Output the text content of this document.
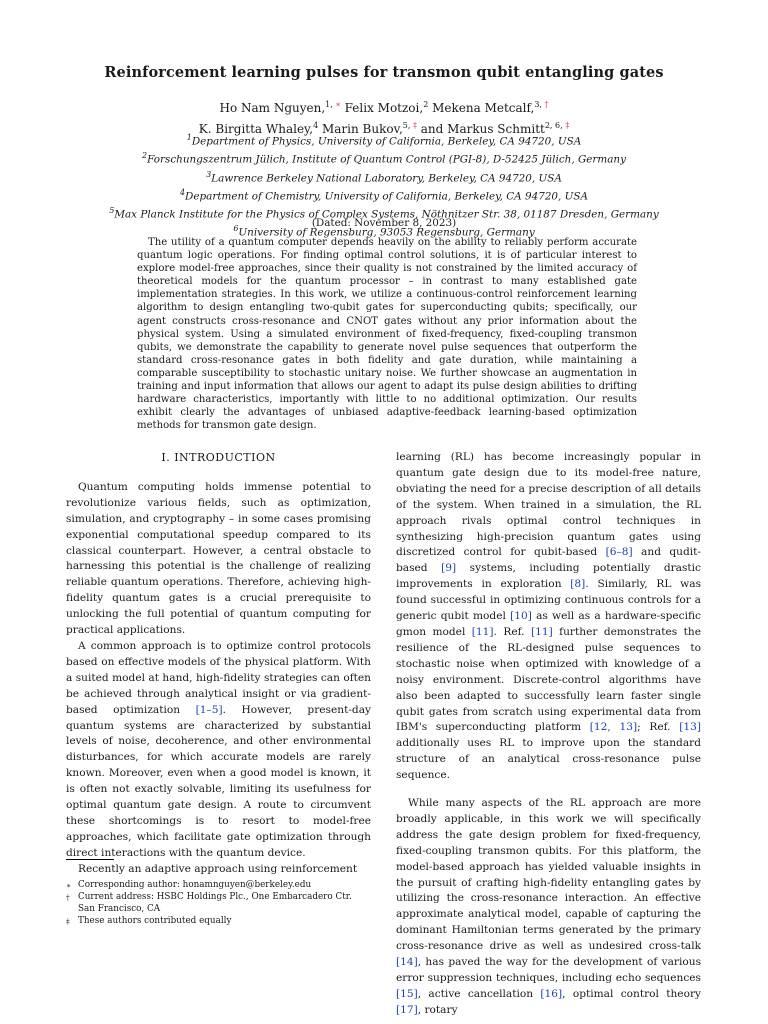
Reinforcement learning pulses for transmon qubit entangling gates
Ho Nam Nguyen,$^{1,}$ ∗ Felix Motzoi,$^2$ Mekena Metcalf,$^{3,}$ †
K. Birgitta Whaley,$^4$ Marin Bukov,$^{5,}$ ‡ and Markus Schmitt$^{2, 6,}$ ‡
$^1$Department of Physics, University of California, Berkeley, CA 94720, USA
$^2$Forschungszentrum Jülich, Institute of Quantum Control (PGI-8), D-52425 Jülich, Germany
$^3$Lawrence Berkeley National Laboratory, Berkeley, CA 94720, USA
$^4$Department of Chemistry, University of California, Berkeley, CA 94720, USA
$^5$Max Planck Institute for the Physics of Complex Systems, Nöthnitzer Str. 38, 01187 Dresden, Germany
$^6$University of Regensburg, 93053 Regensburg, Germany
(Dated: November 8, 2023)

The utility of a quantum computer depends heavily on the ability to reliably perform accurate quantum logic operations. For finding optimal control solutions, it is of particular interest to explore model-free approaches, since their quality is not constrained by the limited accuracy of theoretical models for the quantum processor – in contrast to many established gate implementation strategies. In this work, we utilize a continuous-control reinforcement learning algorithm to design entangling two-qubit gates for superconducting qubits; specifically, our agent constructs cross-resonance and CNOT gates without any prior information about the physical system. Using a simulated environment of fixed-frequency, fixed-coupling transmon qubits, we demonstrate the capability to generate novel pulse sequences that outperform the standard cross-resonance gates in both fidelity and gate duration, while maintaining a comparable susceptibility to stochastic unitary noise. We further showcase an augmentation in training and input information that allows our agent to adapt its pulse design abilities to drifting hardware characteristics, importantly with little to no additional optimization. Our results exhibit clearly the advantages of unbiased adaptive-feedback learning-based optimization methods for transmon gate design.

I. INTRODUCTION

Quantum computing holds immense potential to revolutionize various fields, such as optimization, simulation, and cryptography – in some cases promising exponential computational speedup compared to its classical counterpart. However, a central obstacle to harnessing this potential is the challenge of realizing reliable quantum operations. Therefore, achieving high-fidelity quantum gates is a crucial prerequisite to unlocking the full potential of quantum computing for practical applications.

A common approach is to optimize control protocols based on effective models of the physical platform. With a suited model at hand, high-fidelity strategies can often be achieved through analytical insight or via gradient-based optimization [1–5]. However, present-day quantum systems are characterized by substantial levels of noise, decoherence, and other environmental disturbances, for which accurate models are rarely known. Moreover, even when a good model is known, it is often not exactly solvable, limiting its usefulness for optimal quantum gate design. A route to circumvent these shortcomings is to resort to model-free approaches, which facilitate gate optimization through direct interactions with the quantum device.

Recently an adaptive approach using reinforcement

learning (RL) has become increasingly popular in quantum gate design due to its model-free nature, obviating the need for a precise description of all details of the system. When trained in a simulation, the RL approach rivals optimal control techniques in synthesizing high-precision quantum gates using discretized control for qubit-based [6–8] and qudit-based [9] systems, including potentially drastic improvements in exploration [8]. Similarly, RL was found successful in optimizing continuous controls for a generic qubit model [10] as well as a hardware-specific gmon model [11]. Ref. [11] further demonstrates the resilience of the RL-designed pulse sequences to stochastic noise when optimized with knowledge of a noisy environment. Discrete-control algorithms have also been adapted to successfully learn faster single qubit gates from scratch using experimental data from IBM's superconducting platform [12, 13]; Ref. [13] additionally uses RL to improve upon the standard structure of an analytical cross-resonance pulse sequence.

While many aspects of the RL approach are more broadly applicable, in this work we will specifically address the gate design problem for fixed-frequency, fixed-coupling transmon qubits. For this platform, the model-based approach has yielded valuable insights in the pursuit of crafting high-fidelity entangling gates by utilizing the cross-resonance interaction. An effective approximate analytical model, capable of capturing the dominant Hamiltonian terms generated by the primary cross-resonance drive as well as undesired cross-talk [14], has paved the way for the development of various error suppression techniques, including echo sequences [15], active cancellation [16], optimal control theory [17], rotary

∗ Corresponding author: honamnguyen@berkeley.edu
† Current address: HSBC Holdings Plc., One Embarcadero Ctr. San Francisco, CA
‡ These authors contributed equally
